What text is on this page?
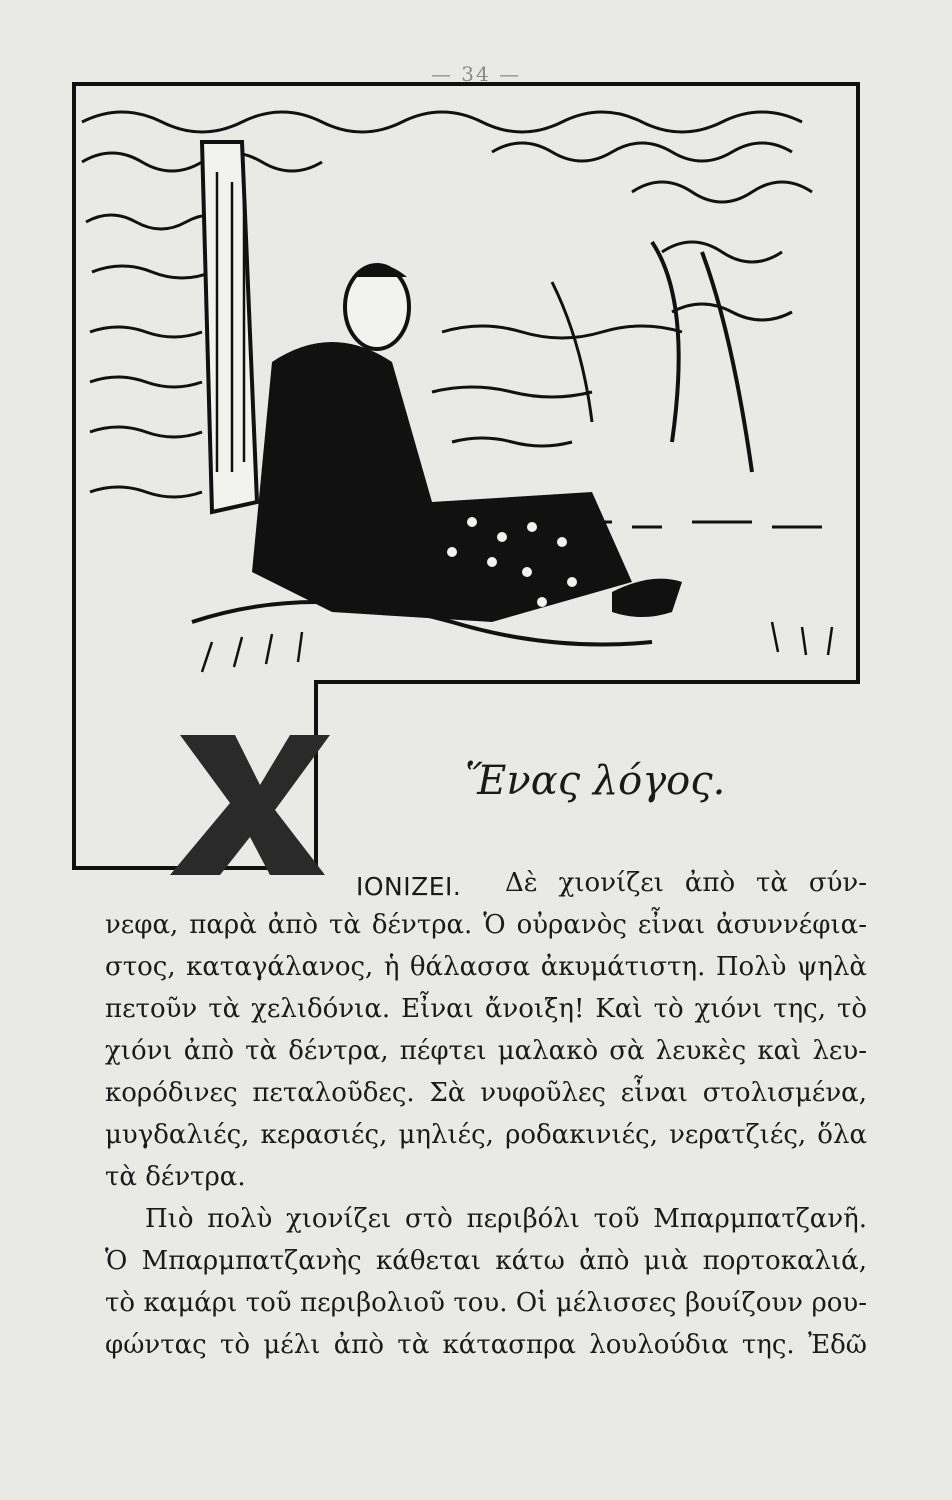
— 34 —
Ἕνας λόγος.
ΙΟΝΙΖΕΙ. Δὲ χιονίζει ἀπὸ τὰ σύν-
νεφα, παρὰ ἀπὸ τὰ δέντρα. Ὁ οὐρανὸς εἶναι ἀσυννέφια-
στος, καταγάλανος, ἡ θάλασσα ἀκυμάτιστη. Πολὺ ψηλὰ
πετοῦν τὰ χελιδόνια. Εἶναι ἄνοιξη! Καὶ τὸ χιόνι της, τὸ
χιόνι ἀπὸ τὰ δέντρα, πέφτει μαλακὸ σὰ λευκὲς καὶ λευ-
κορόδινες πεταλοῦδες. Σὰ νυφοῦλες εἶναι στολισμένα,
μυγδαλιές, κερασιές, μηλιές, ροδακινιές, νερατζιές, ὅλα
τὰ δέντρα.
Πιὸ πολὺ χιονίζει στὸ περιβόλι τοῦ Μπαρμπατζανῆ.
Ὁ Μπαρμπατζανὴς κάθεται κάτω ἀπὸ μιὰ πορτοκαλιά,
τὸ καμάρι τοῦ περιβολιοῦ του. Οἱ μέλισσες βουίζουν ρου-
φώντας τὸ μέλι ἀπὸ τὰ κάτασπρα λουλούδια της. Ἐδῶ
